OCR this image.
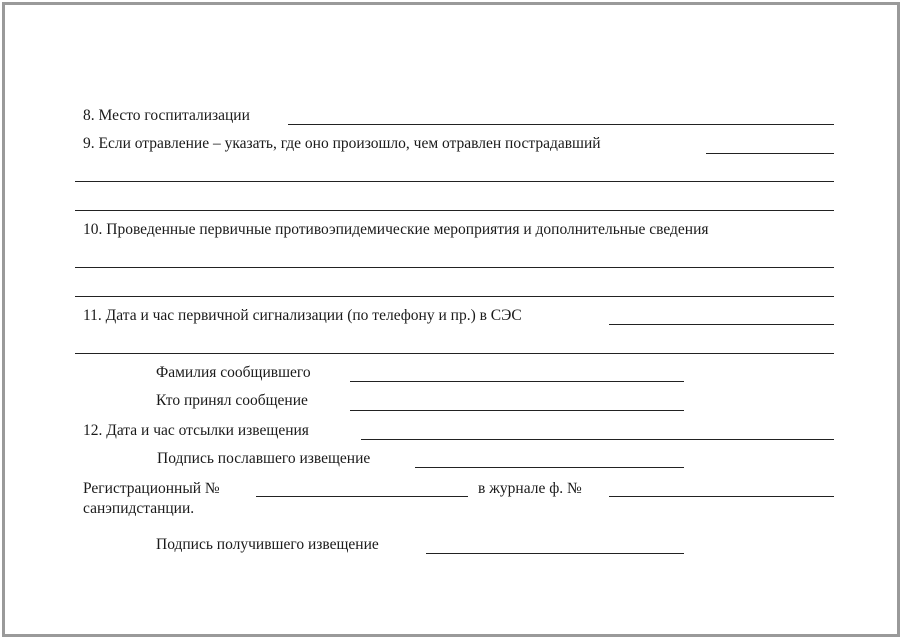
8. Место госпитализации
9. Если отравление – указать, где оно произошло, чем отравлен пострадавший
10. Проведенные первичные противоэпидемические мероприятия и дополнительные сведения
11. Дата и час первичной сигнализации (по телефону и пр.) в СЭС
Фамилия сообщившего
Кто принял сообщение
12. Дата и час отсылки извещения
Подпись пославшего извещение
Регистрационный №	в журнале ф. №
санэпидстанции.
Подпись получившего извещение
